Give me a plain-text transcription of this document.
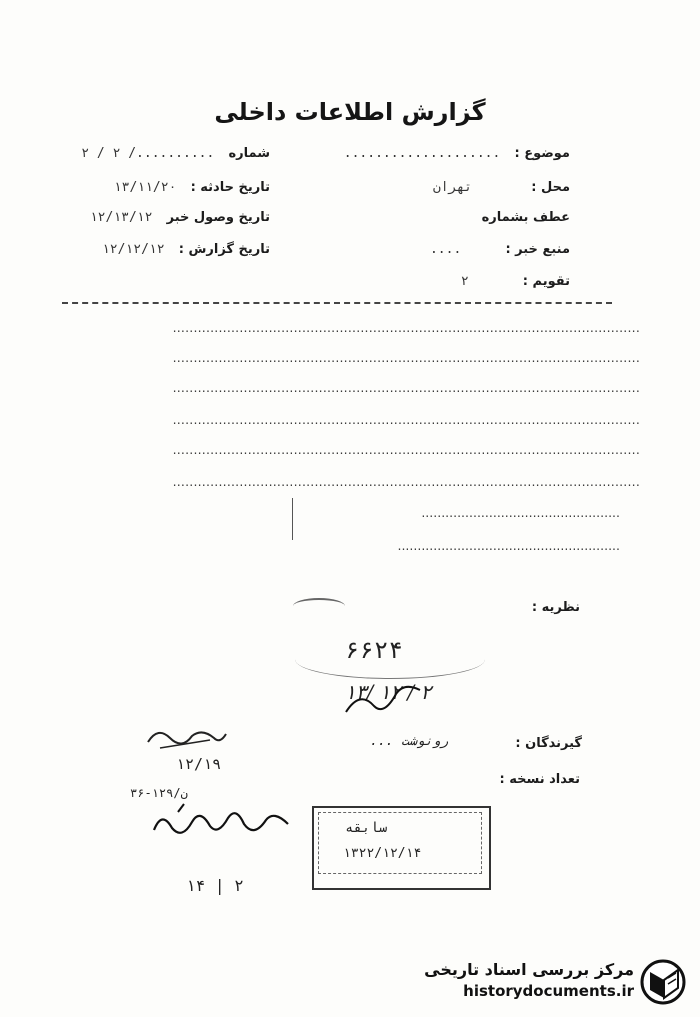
گزارش اطلاعات داخلی
موضوع : ....................
محل : تهران
عطف بشماره
منبع خبر : ....
تقویم : ۲
شماره ........../ ۲ / ۲
تاریخ حادثه : ۱۳/۱۱/۲۰
تاریخ وصول خبر ۱۲/۱۳/۱۲
تاریخ گزارش : ۱۲/۱۲/۱۲
................................................................................................................
................................................................................................................
................................................................................................................
................................................................................................................
................................................................................................................
................................................................................................................
..................................................
........................................................
نظریه :
۶۶۲۴
۱۳/ ۱۲ / ۲
گیرندگان :
رونوشت ...
تعداد نسخه :
۱۲/۱۹
۳۶-۱۲۹/ن
۱۴ | ۲
سابقه
۱۳۲۲/۱۲/۱۴
مرکز بررسی اسناد تاریخی
historydocuments.ir
